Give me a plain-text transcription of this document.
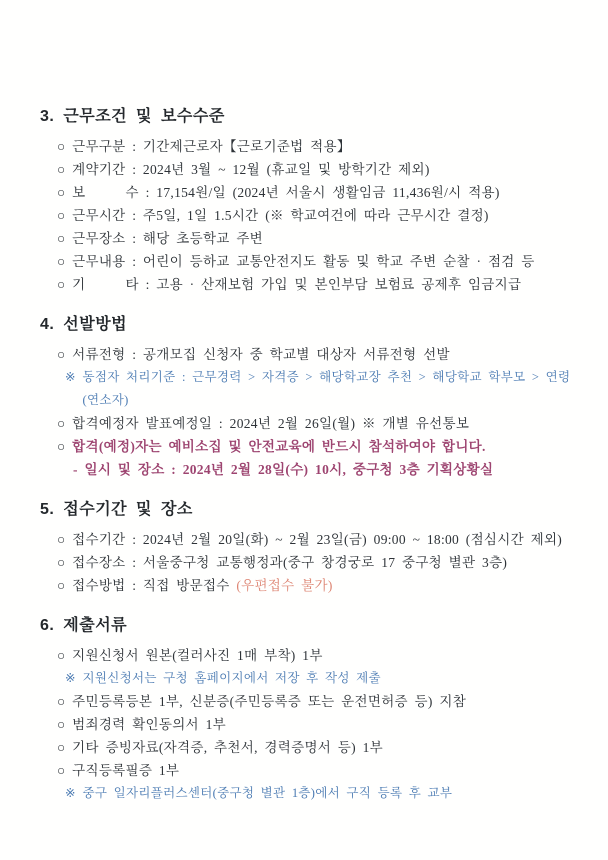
3. 근무조건 및 보수수준
○ 근무구분 : 기간제근로자【근로기준법 적용】
○ 계약기간 : 2024년 3월 ~ 12월 (휴교일 및 방학기간 제외)
○ 보      수 : 17,154원/일 (2024년 서울시 생활임금 11,436원/시 적용)
○ 근무시간 : 주5일, 1일 1.5시간 (※ 학교여건에 따라 근무시간 결정)
○ 근무장소 : 해당 초등학교 주변
○ 근무내용 : 어린이 등하교 교통안전지도 활동 및 학교 주변 순찰 · 점검 등
○ 기      타 : 고용 · 산재보험 가입 및 본인부담 보험료 공제후 임금지급
4. 선발방법
○ 서류전형 : 공개모집 신청자 중 학교별 대상자 서류전형 선발
※ 동점자 처리기준 : 근무경력 > 자격증 > 해당학교장 추천 > 해당학교 학부모 > 연령(연소자)
○ 합격예정자 발표예정일 : 2024년 2월 26일(월) ※ 개별 유선통보
○ 합격(예정)자는 예비소집 및 안전교육에 반드시 참석하여야 합니다.
- 일시 및 장소 : 2024년 2월 28일(수) 10시, 중구청 3층 기획상황실
5. 접수기간 및 장소
○ 접수기간 : 2024년 2월 20일(화) ~ 2월 23일(금) 09:00 ~ 18:00 (점심시간 제외)
○ 접수장소 : 서울중구청 교통행정과(중구 창경궁로 17 중구청 별관 3층)
○ 접수방법 : 직접 방문접수 (우편접수 불가)
6. 제출서류
○ 지원신청서 원본(컬러사진 1매 부착) 1부
※ 지원신청서는 구청 홈페이지에서 저장 후 작성 제출
○ 주민등록등본 1부, 신분증(주민등록증 또는 운전면허증 등) 지참
○ 범죄경력 확인동의서 1부
○ 기타 증빙자료(자격증, 추천서, 경력증명서 등) 1부
○ 구직등록필증 1부
※ 중구 일자리플러스센터(중구청 별관 1층)에서 구직 등록 후 교부
